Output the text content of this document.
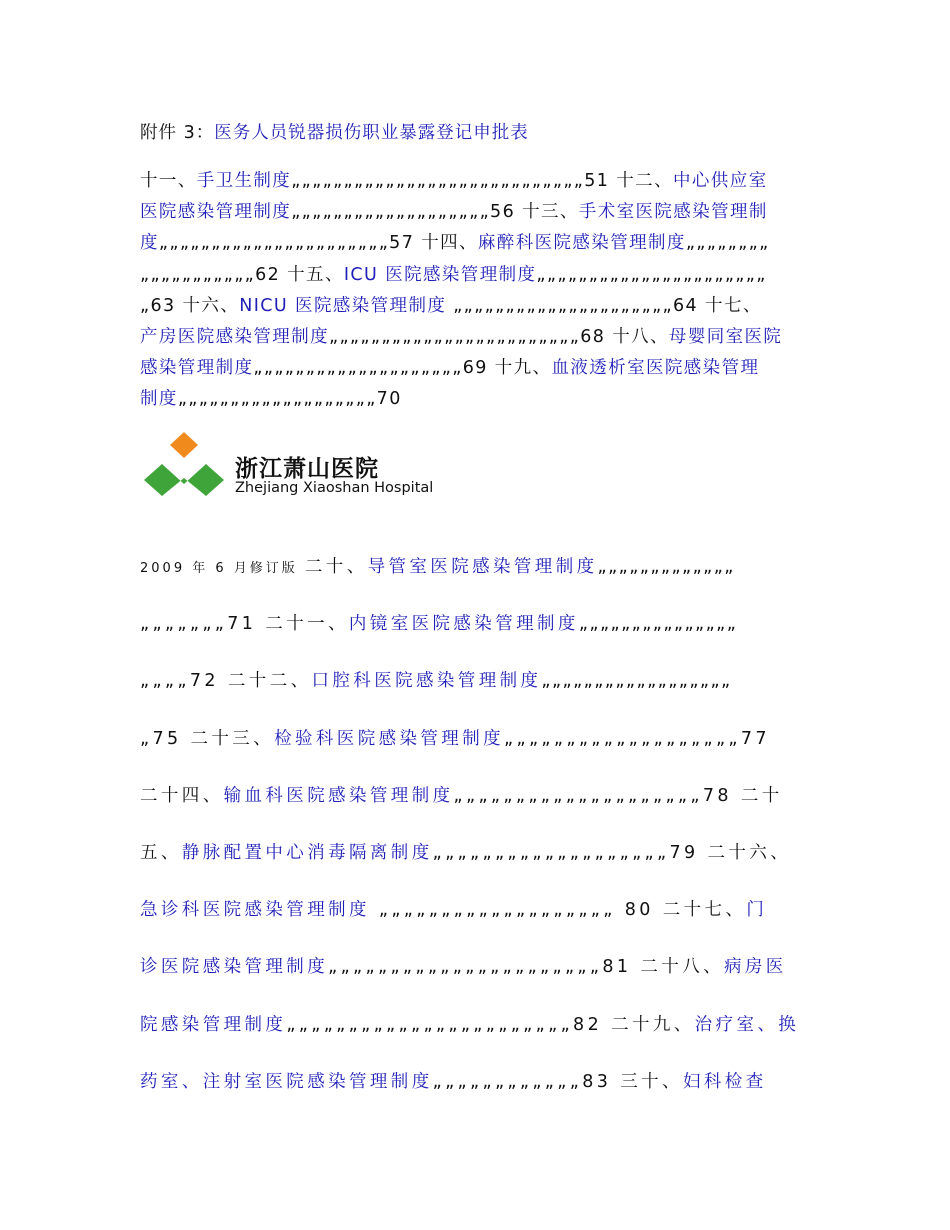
附件 3：医务人员锐器损伤职业暴露登记申批表
十一、手卫生制度„„„„„„„„„„„„„„„„„„„„„„„„„„„„51 十二、中心供应室
医院感染管理制度„„„„„„„„„„„„„„„„„„„56 十三、手术室医院感染管理制
度„„„„„„„„„„„„„„„„„„„„„„57 十四、麻醉科医院感染管理制度„„„„„„„„
„„„„„„„„„„„62 十五、ICU 医院感染管理制度„„„„„„„„„„„„„„„„„„„„„„
„63 十六、NICU 医院感染管理制度 „„„„„„„„„„„„„„„„„„„„„64 十七、
产房医院感染管理制度„„„„„„„„„„„„„„„„„„„„„„„„68 十八、母婴同室医院
感染管理制度„„„„„„„„„„„„„„„„„„„„69 十九、血液透析室医院感染管理
制度„„„„„„„„„„„„„„„„„„„70
浙江萧山医院
Zhejiang Xiaoshan Hospital
2009 年 6 月修订版 二十、导管室医院感染管理制度„„„„„„„„„„„„„
„„„„„„„71 二十一、内镜室医院感染管理制度„„„„„„„„„„„„„„„
„„„„72 二十二、口腔科医院感染管理制度„„„„„„„„„„„„„„„„„„
„75 二十三、检验科医院感染管理制度„„„„„„„„„„„„„„„„„„„77
二十四、输血科医院感染管理制度„„„„„„„„„„„„„„„„„„„„78 二十
五、静脉配置中心消毒隔离制度„„„„„„„„„„„„„„„„„„„79 二十六、
急诊科医院感染管理制度 „„„„„„„„„„„„„„„„„„„ 80 二十七、门
诊医院感染管理制度„„„„„„„„„„„„„„„„„„„„„„81 二十八、病房医
院感染管理制度„„„„„„„„„„„„„„„„„„„„„„„82 二十九、治疗室、换
药室、注射室医院感染管理制度„„„„„„„„„„„„83 三十、妇科检查
